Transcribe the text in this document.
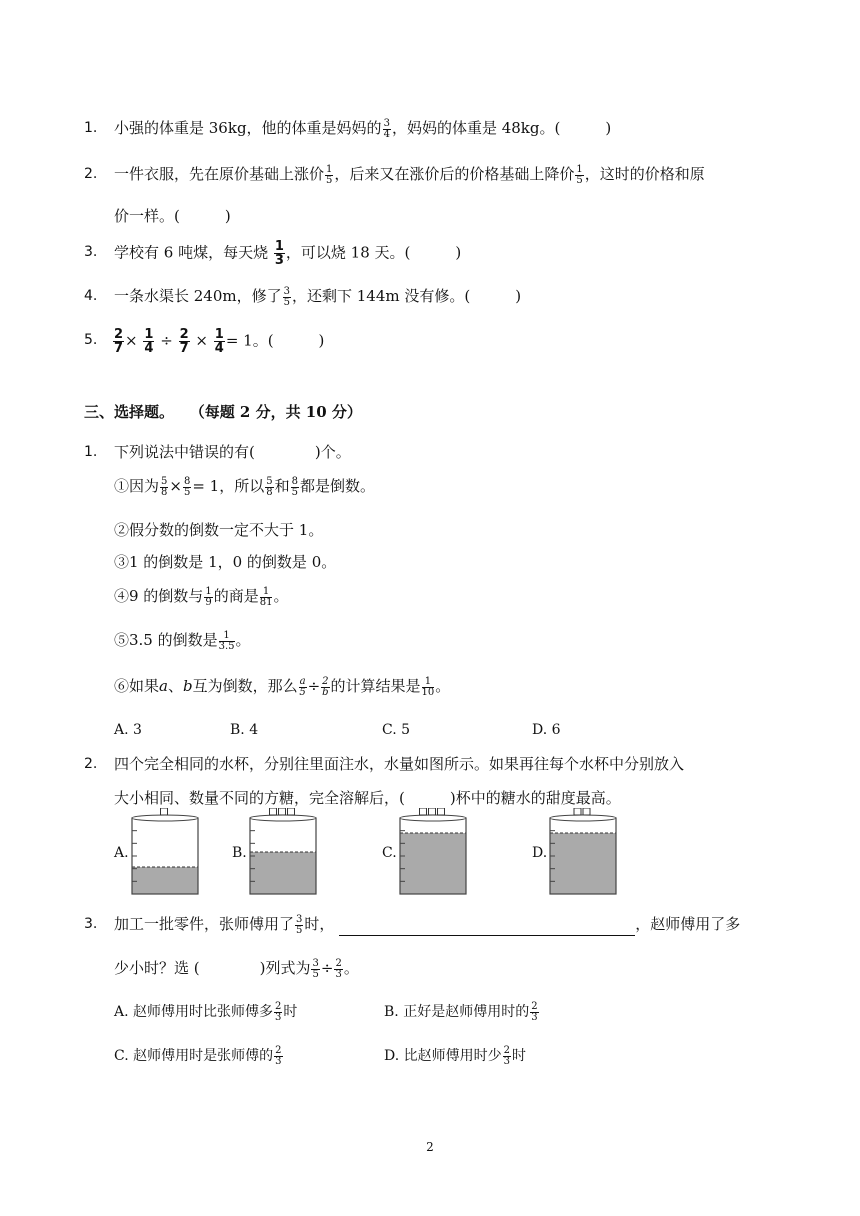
1. 小强的体重是 36kg，他的体重是妈妈的 $\frac{3}{4}$ ，妈妈的体重是 48kg。(　　　)
2. 一件衣服，先在原价基础上涨价 $\frac{1}{5}$ ，后来又在涨价后的价格基础上降价 $\frac{1}{5}$ ，这时的价格和原
价一样。(　　　)
3. 学校有 6 吨煤，每天烧 $\frac{1}{3}$ ，可以烧 18 天。(　　　)
4. 一条水渠长 240m，修了 $\frac{3}{5}$ ，还剩下 144m 没有修。(　　　)
5. $\frac{2}{7} \times \frac{1}{4} \div \frac{2}{7} \times \frac{1}{4} = 1$。(　　　)
三、选择题。 （每题 2 分，共 10 分）
1. 下列说法中错误的有(　　　　)个。
①因为 $\frac{5}{8} \times \frac{8}{5} = 1$，所以 $\frac{5}{8}$ 和 $\frac{8}{5}$ 都是倒数。
②假分数的倒数一定不大于 1。
③1 的倒数是 1，0 的倒数是 0。
④9 的倒数与 $\frac{1}{9}$ 的商是 $\frac{1}{81}$ 。
⑤3.5 的倒数是 $\frac{1}{3.5}$ 。
⑥如果a、b互为倒数，那么 $\frac{a}{5} \div \frac{2}{b}$ 的计算结果是 $\frac{1}{10}$ 。
A. 3	B. 4	C. 5	D. 6
2. 四个完全相同的水杯，分别往里面注水，水量如图所示。如果再往每个水杯中分别放入
大小相同、数量不同的方糖，完全溶解后，(　　　)杯中的糖水的甜度最高。
A.	B.	C.	D.
3. 加工一批零件，张师傅用了 $\frac{3}{5}$ 时，	，赵师傅用了多
少小时？选 (　　　　)列式为 $\frac{3}{5} \div \frac{2}{3}$ 。
A. 赵师傅用时比张师傅多 $\frac{2}{3}$ 时	B. 正好是赵师傅用时的 $\frac{2}{3}$
C. 赵师傅用时是张师傅的 $\frac{2}{3}$	D. 比赵师傅用时少 $\frac{2}{3}$ 时
2
